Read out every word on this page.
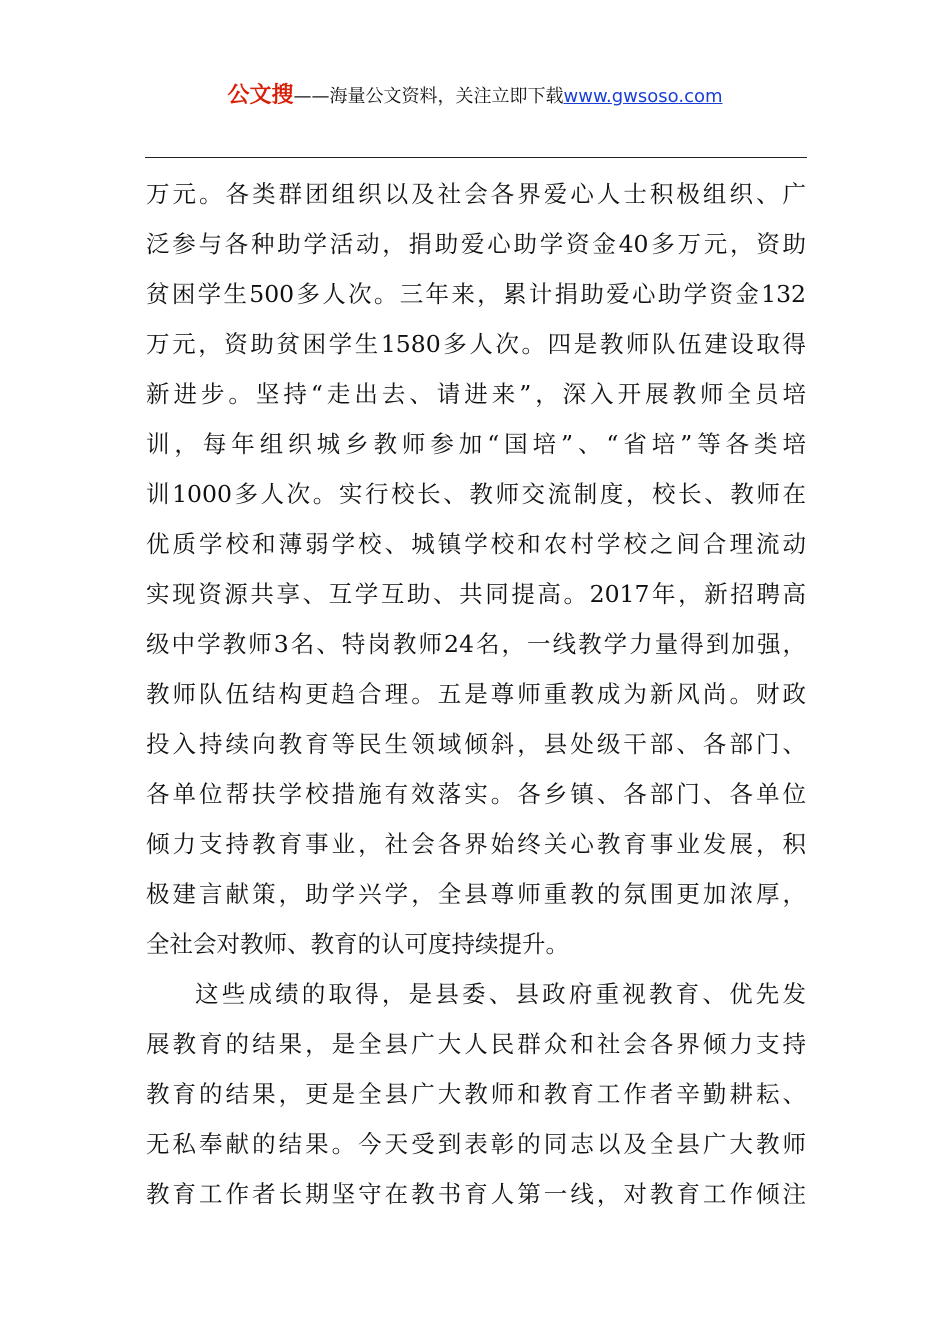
公文搜——海量公文资料，关注立即下载www.gwsoso.com
万元。各类群团组织以及社会各界爱心人士积极组织、广
泛参与各种助学活动，捐助爱心助学资金40多万元，资助
贫困学生500多人次。三年来，累计捐助爱心助学资金132
万元，资助贫困学生1580多人次。四是教师队伍建设取得
新进步。坚持“走出去、请进来”，深入开展教师全员培
训，每年组织城乡教师参加“国培”、“省培”等各类培
训1000多人次。实行校长、教师交流制度，校长、教师在
优质学校和薄弱学校、城镇学校和农村学校之间合理流动
实现资源共享、互学互助、共同提高。2017年，新招聘高
级中学教师3名、特岗教师24名，一线教学力量得到加强，
教师队伍结构更趋合理。五是尊师重教成为新风尚。财政
投入持续向教育等民生领域倾斜，县处级干部、各部门、
各单位帮扶学校措施有效落实。各乡镇、各部门、各单位
倾力支持教育事业，社会各界始终关心教育事业发展，积
极建言献策，助学兴学，全县尊师重教的氛围更加浓厚，
全社会对教师、教育的认可度持续提升。
这些成绩的取得，是县委、县政府重视教育、优先发
展教育的结果，是全县广大人民群众和社会各界倾力支持
教育的结果，更是全县广大教师和教育工作者辛勤耕耘、
无私奉献的结果。今天受到表彰的同志以及全县广大教师
教育工作者长期坚守在教书育人第一线，对教育工作倾注
